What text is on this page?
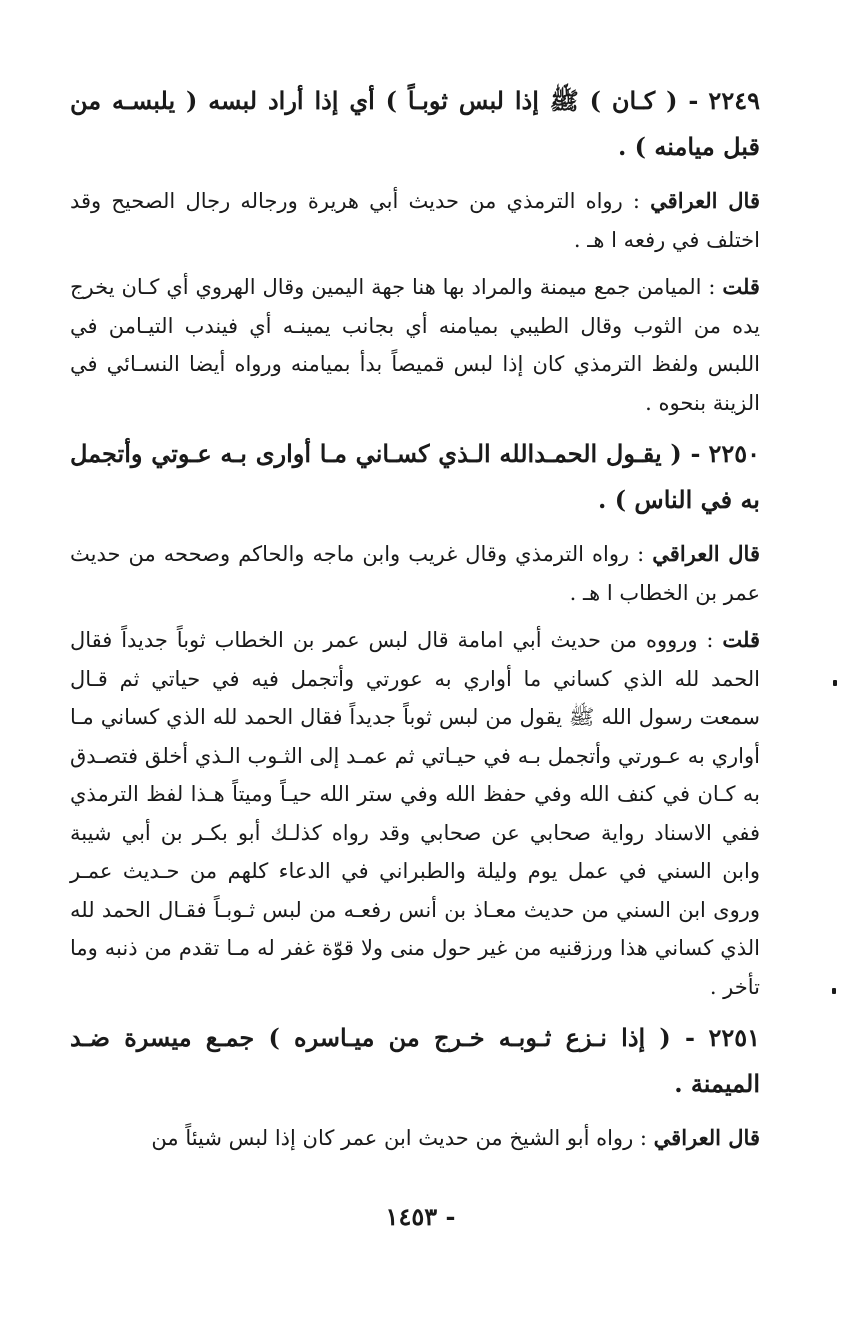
٢٢٤٩ - ( كـان ) ﷺ إذا لبس ثوبـاً ) أي إذا أراد لبسه ( يلبسـه من قبل ميامنه ) .

قال العراقي : رواه الترمذي من حديث أبي هريرة ورجاله رجال الصحيح وقد اختلف في رفعه ا هـ .

قلت : الميامن جمع ميمنة والمراد بها هنا جهة اليمين وقال الهروي أي كـان يخرج يده من الثوب وقال الطيبي بميامنه أي بجانب يمينـه أي فيندب التيـامن في اللبس ولفظ الترمذي كان إذا لبس قميصاً بدأ بميامنه ورواه أيضا النسـائي في الزينة بنحوه .

٢٢٥٠ - ( يقـول الحمـدالله الـذي كسـاني مـا أوارى بـه عـوتي وأتجمل به في الناس ) .

قال العراقي : رواه الترمذي وقال غريب وابن ماجه والحاكم وصححه من حديث عمر بن الخطاب ا هـ .

قلت : ورووه من حديث أبي امامة قال لبس عمر بن الخطاب ثوباً جديداً فقال الحمد لله الذي كساني ما أواري به عورتي وأتجمل فيه في حياتي ثم قـال سمعت رسول الله ﷺ يقول من لبس ثوباً جديداً فقال الحمد لله الذي كساني مـا أواري به عـورتي وأتجمل بـه في حيـاتي ثم عمـد إلى الثـوب الـذي أخلق فتصـدق به كـان في كنف الله وفي حفظ الله وفي ستر الله حيـاً وميتاً هـذا لفظ الترمذي ففي الاسناد رواية صحابي عن صحابي وقد رواه كذلـك أبو بكـر بن أبي شيبة وابن السني في عمل يوم وليلة والطبراني في الدعاء كلهم من حـديث عمـر وروى ابن السني من حديث معـاذ بن أنس رفعـه من لبس ثـوبـاً فقـال الحمد لله الذي كساني هذا ورزقنيه من غير حول منى ولا قوّة غفر له مـا تقدم من ذنبه وما تأخر .

٢٢٥١ - ( إذا نـزع ثـوبـه خـرج من ميـاسره ) جمـع ميسرة ضـد الميمنة .

قال العراقي : رواه أبو الشيخ من حديث ابن عمر كان إذا لبس شيئاً من

- ١٤٥٣
